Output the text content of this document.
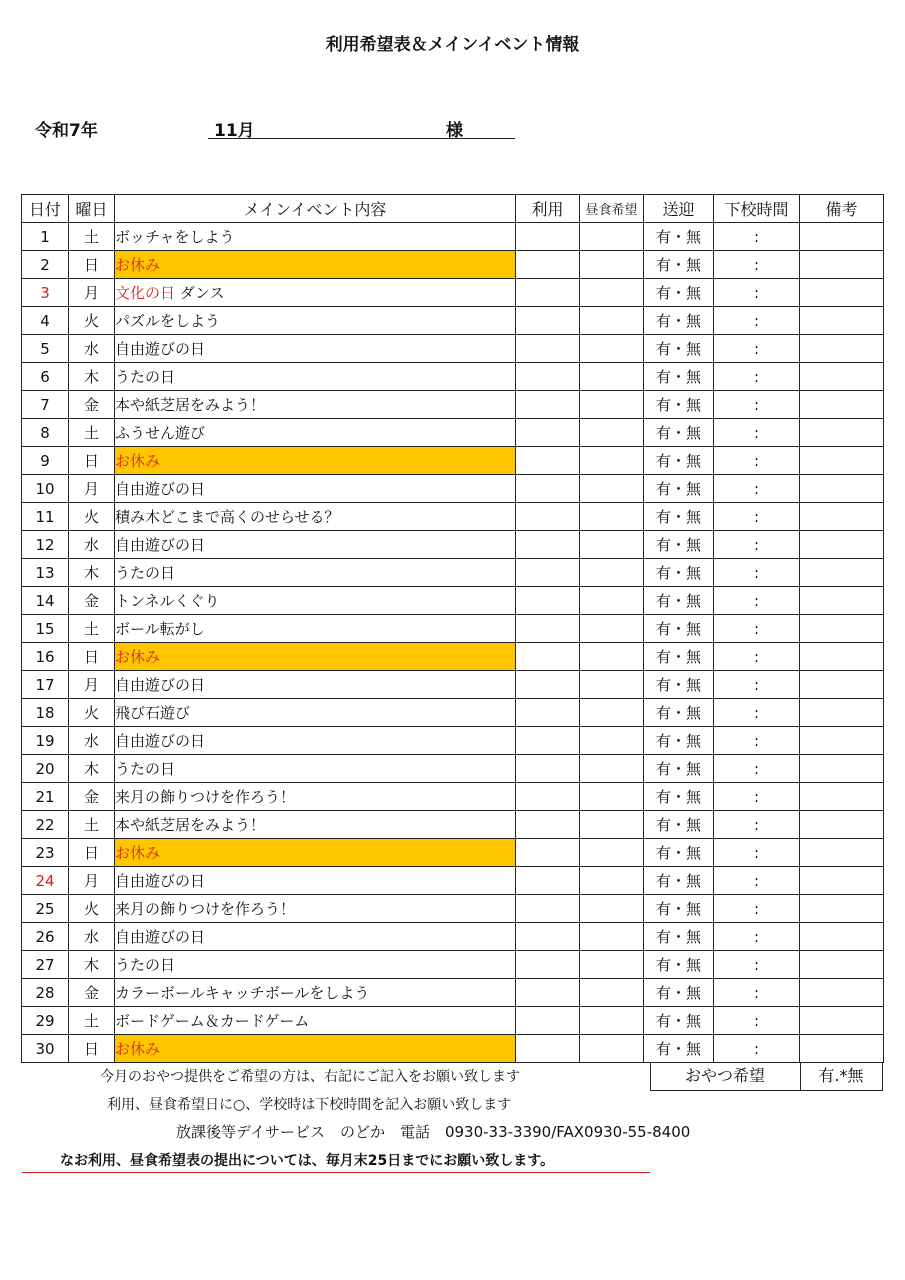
利用希望表＆メインイベント情報
令和7年	11月	様
日付	曜日	メインイベント内容	利用	昼食希望	送迎	下校時間	備考
1	土	ボッチャをしよう			有・無	:	
2	日	お休み			有・無	:	
3	月	文化の日 ダンス			有・無	:	
4	火	パズルをしよう			有・無	:	
5	水	自由遊びの日			有・無	:	
6	木	うたの日			有・無	:	
7	金	本や紙芝居をみよう！			有・無	:	
8	土	ふうせん遊び			有・無	:	
9	日	お休み			有・無	:	
10	月	自由遊びの日			有・無	:	
11	火	積み木どこまで高くのせらせる？			有・無	:	
12	水	自由遊びの日			有・無	:	
13	木	うたの日			有・無	:	
14	金	トンネルくぐり			有・無	:	
15	土	ボール転がし			有・無	:	
16	日	お休み			有・無	:	
17	月	自由遊びの日			有・無	:	
18	火	飛び石遊び			有・無	:	
19	水	自由遊びの日			有・無	:	
20	木	うたの日			有・無	:	
21	金	来月の飾りつけを作ろう！			有・無	:	
22	土	本や紙芝居をみよう！			有・無	:	
23	日	お休み			有・無	:	
24	月	自由遊びの日			有・無	:	
25	火	来月の飾りつけを作ろう！			有・無	:	
26	水	自由遊びの日			有・無	:	
27	木	うたの日			有・無	:	
28	金	カラーボールキャッチボールをしよう			有・無	:	
29	土	ボードゲーム＆カードゲーム			有・無	:	
30	日	お休み			有・無	:	
今月のおやつ提供をご希望の方は、右記にご記入をお願い致します
利用、昼食希望日に○、学校時は下校時間を記入お願い致します
おやつ希望	有.*無
放課後等デイサービス　のどか　電話　0930-33-3390/FAX0930-55-8400
なお利用、昼食希望表の提出については、毎月末25日までにお願い致します。
